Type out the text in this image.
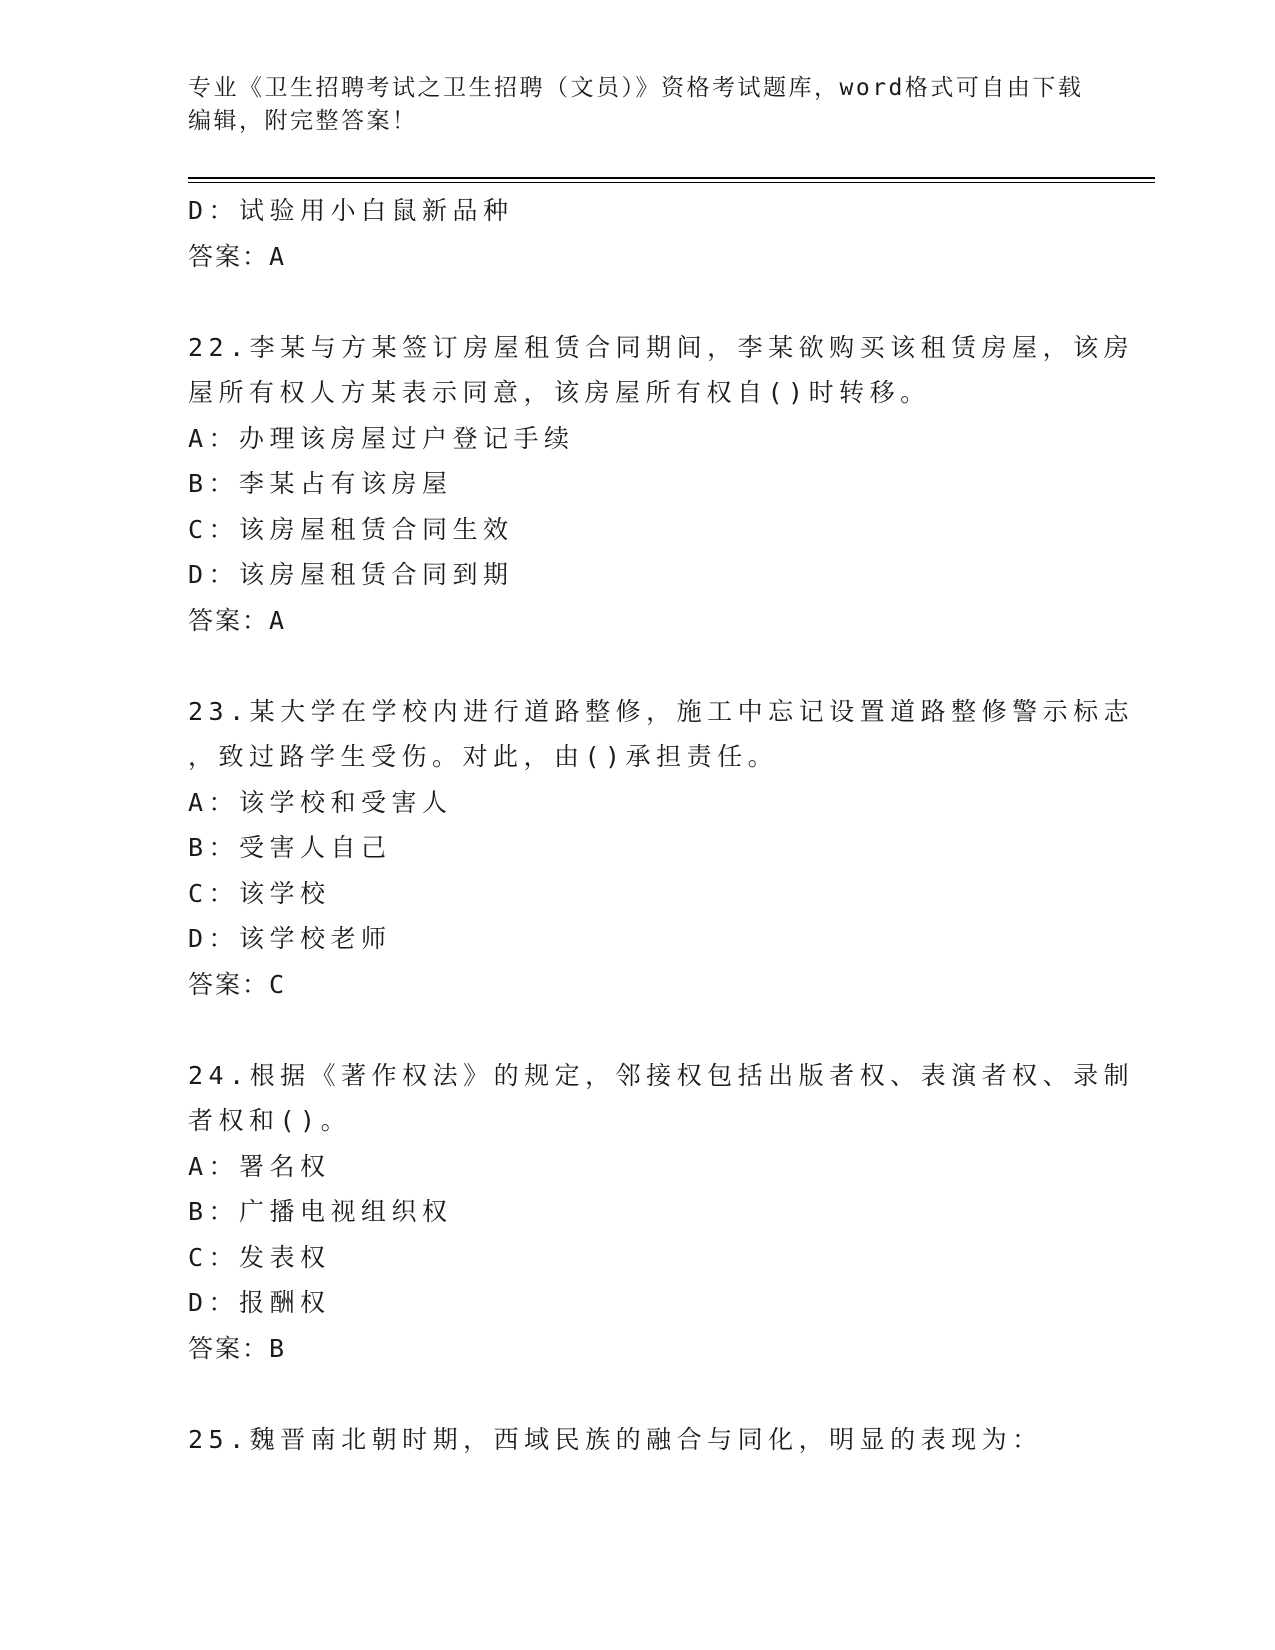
专业《卫生招聘考试之卫生招聘（文员）》资格考试题库，word格式可自由下载
编辑，附完整答案！
D：试验用小白鼠新品种
答案：A
22.李某与方某签订房屋租赁合同期间，李某欲购买该租赁房屋，该房
屋所有权人方某表示同意，该房屋所有权自()时转移。
A：办理该房屋过户登记手续
B：李某占有该房屋
C：该房屋租赁合同生效
D：该房屋租赁合同到期
答案：A
23.某大学在学校内进行道路整修，施工中忘记设置道路整修警示标志
，致过路学生受伤。对此，由()承担责任。
A：该学校和受害人
B：受害人自己
C：该学校
D：该学校老师
答案：C
24.根据《著作权法》的规定，邻接权包括出版者权、表演者权、录制
者权和()。
A：署名权
B：广播电视组织权
C：发表权
D：报酬权
答案：B
25.魏晋南北朝时期，西域民族的融合与同化，明显的表现为：
